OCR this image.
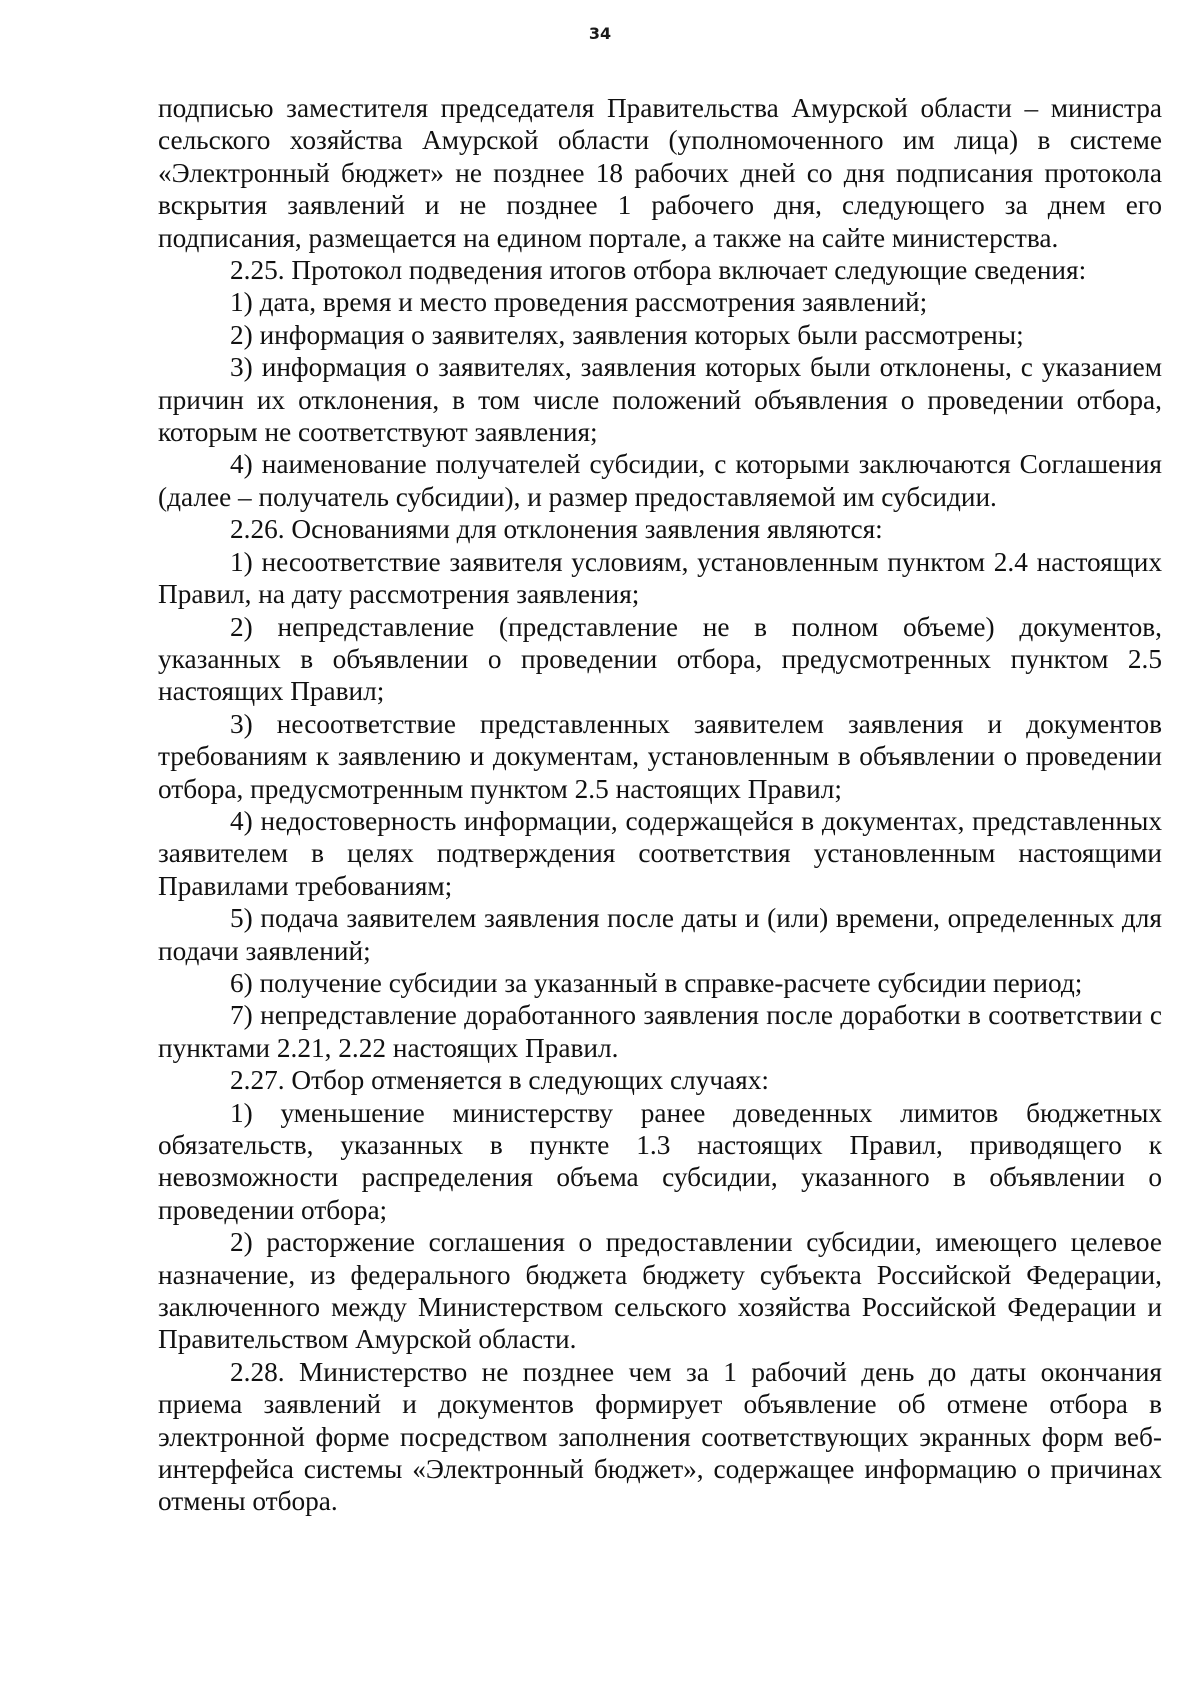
34

подписью заместителя председателя Правительства Амурской области – министра сельского хозяйства Амурской области (уполномоченного им лица) в системе «Электронный бюджет» не позднее 18 рабочих дней со дня подписания протокола вскрытия заявлений и не позднее 1 рабочего дня, следующего за днем его подписания, размещается на едином портале, а также на сайте министерства.

2.25. Протокол подведения итогов отбора включает следующие сведения:

1) дата, время и место проведения рассмотрения заявлений;

2) информация о заявителях, заявления которых были рассмотрены;

3) информация о заявителях, заявления которых были отклонены, с указанием причин их отклонения, в том числе положений объявления о проведении отбора, которым не соответствуют заявления;

4) наименование получателей субсидии, с которыми заключаются Соглашения (далее – получатель субсидии), и размер предоставляемой им субсидии.

2.26. Основаниями для отклонения заявления являются:

1) несоответствие заявителя условиям, установленным пунктом 2.4 настоящих Правил, на дату рассмотрения заявления;

2) непредставление (представление не в полном объеме) документов, указанных в объявлении о проведении отбора, предусмотренных пунктом 2.5 настоящих Правил;

3) несоответствие представленных заявителем заявления и документов требованиям к заявлению и документам, установленным в объявлении о проведении отбора, предусмотренным пунктом 2.5 настоящих Правил;

4) недостоверность информации, содержащейся в документах, представленных заявителем в целях подтверждения соответствия установленным настоящими Правилами требованиям;

5) подача заявителем заявления после даты и (или) времени, определенных для подачи заявлений;

6) получение субсидии за указанный в справке-расчете субсидии период;

7) непредставление доработанного заявления после доработки в соответствии с пунктами 2.21, 2.22 настоящих Правил.

2.27. Отбор отменяется в следующих случаях:

1) уменьшение министерству ранее доведенных лимитов бюджетных обязательств, указанных в пункте 1.3 настоящих Правил, приводящего к невозможности распределения объема субсидии, указанного в объявлении о проведении отбора;

2) расторжение соглашения о предоставлении субсидии, имеющего целевое назначение, из федерального бюджета бюджету субъекта Российской Федерации, заключенного между Министерством сельского хозяйства Российской Федерации и Правительством Амурской области.

2.28. Министерство не позднее чем за 1 рабочий день до даты окончания приема заявлений и документов формирует объявление об отмене отбора в электронной форме посредством заполнения соответствующих экранных форм веб-интерфейса системы «Электронный бюджет», содержащее информацию о причинах отмены отбора.
